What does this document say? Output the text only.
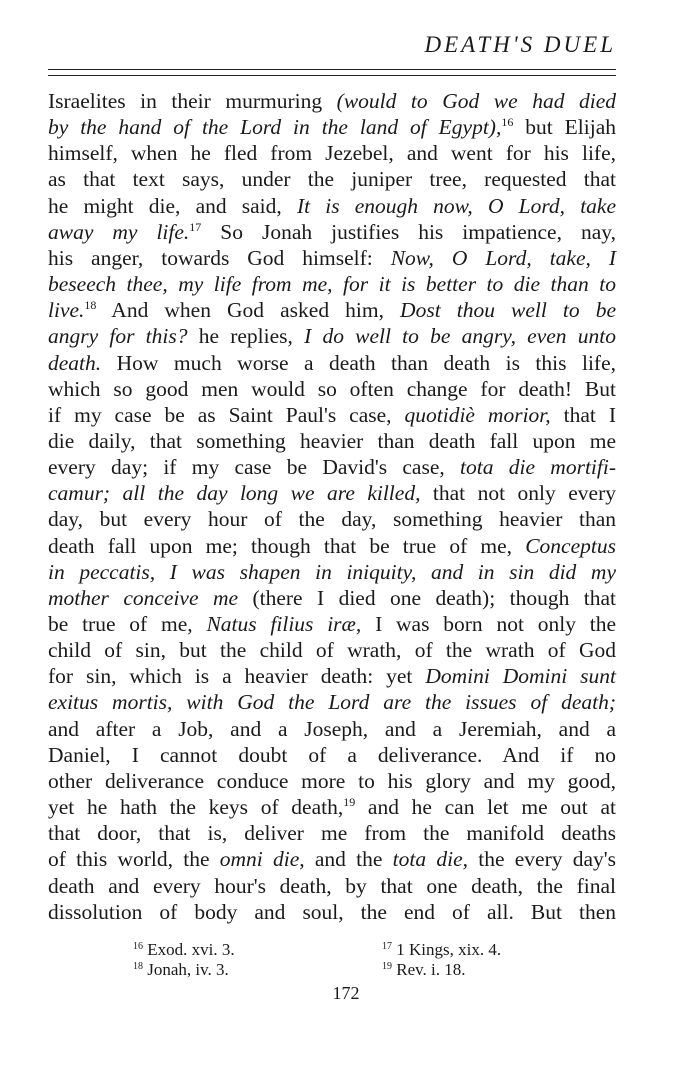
DEATH'S DUEL
Israelites in their murmuring (would to God we had died
by the hand of the Lord in the land of Egypt),$^{16}$ but Elijah
himself, when he fled from Jezebel, and went for his life,
as that text says, under the juniper tree, requested that
he might die, and said, It is enough now, O Lord, take
away my life.$^{17}$ So Jonah justifies his impatience, nay,
his anger, towards God himself: Now, O Lord, take, I
beseech thee, my life from me, for it is better to die than to
live.$^{18}$ And when God asked him, Dost thou well to be
angry for this? he replies, I do well to be angry, even unto
death. How much worse a death than death is this life,
which so good men would so often change for death! But
if my case be as Saint Paul's case, quotidiè morior, that I
die daily, that something heavier than death fall upon me
every day; if my case be David's case, tota die mortifi-
camur; all the day long we are killed, that not only every
day, but every hour of the day, something heavier than
death fall upon me; though that be true of me, Conceptus
in peccatis, I was shapen in iniquity, and in sin did my
mother conceive me (there I died one death); though that
be true of me, Natus filius iræ, I was born not only the
child of sin, but the child of wrath, of the wrath of God
for sin, which is a heavier death: yet Domini Domini sunt
exitus mortis, with God the Lord are the issues of death;
and after a Job, and a Joseph, and a Jeremiah, and a
Daniel, I cannot doubt of a deliverance. And if no
other deliverance conduce more to his glory and my good,
yet he hath the keys of death,$^{19}$ and he can let me out at
that door, that is, deliver me from the manifold deaths
of this world, the omni die, and the tota die, the every day's
death and every hour's death, by that one death, the final
dissolution of body and soul, the end of all. But then
$^{16}$ Exod. xvi. 3.	$^{17}$ 1 Kings, xix. 4.
$^{18}$ Jonah, iv. 3.	$^{19}$ Rev. i. 18.
172
